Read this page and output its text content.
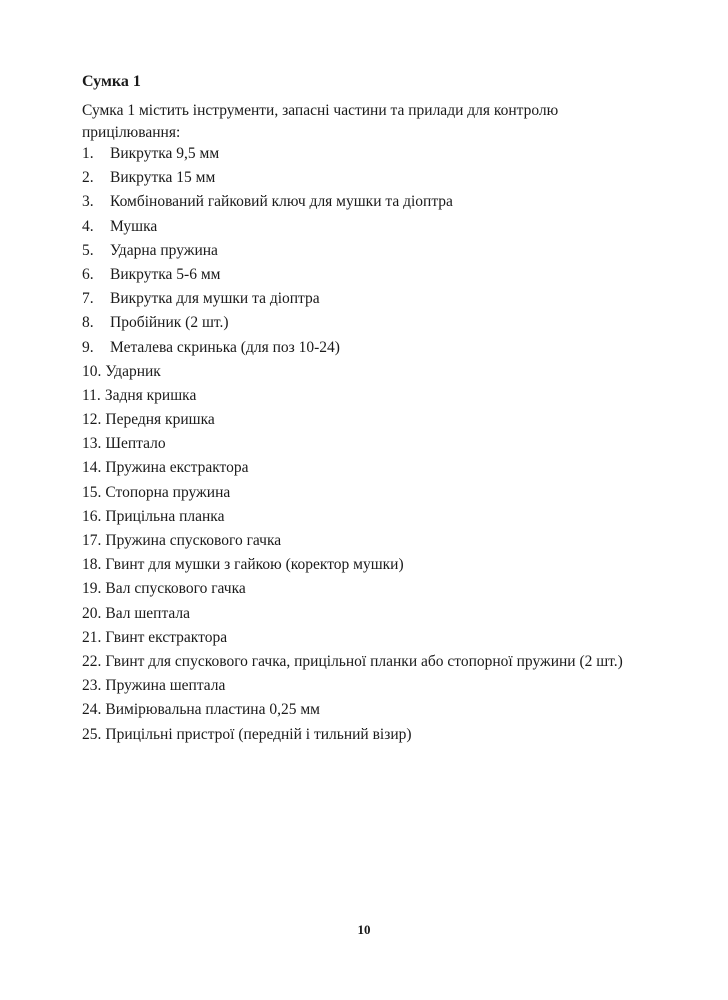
Сумка 1

Сумка 1 містить інструменти, запасні частини та прилади для контролю прицілювання:

1.	Викрутка 9,5 мм
2.	Викрутка 15 мм
3.	Комбінований гайковий ключ для мушки та діоптра
4.	Мушка
5.	Ударна пружина
6.	Викрутка 5-6 мм
7.	Викрутка для мушки та діоптра
8.	Пробійник (2 шт.)
9.	Металева скринька (для поз 10-24)
10. Ударник
11. Задня кришка
12. Передня кришка
13. Шептало
14. Пружина екстрактора
15. Стопорна пружина
16. Прицільна планка
17. Пружина спускового гачка
18. Гвинт для мушки з гайкою (коректор мушки)
19. Вал спускового гачка
20. Вал шептала
21. Гвинт екстрактора
22. Гвинт для спускового гачка, прицільної планки або стопорної пружини (2 шт.)
23. Пружина шептала
24. Вимірювальна пластина 0,25 мм
25. Прицільні пристрої (передній і тильний візир)
10
